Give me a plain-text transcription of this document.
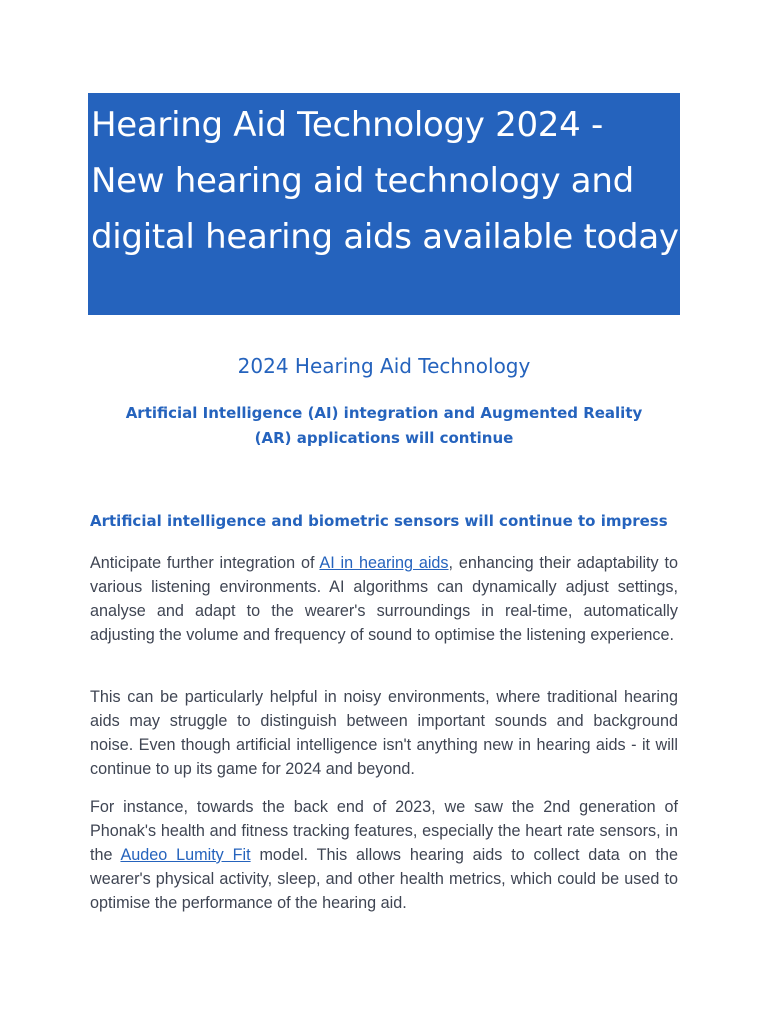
Hearing Aid Technology 2024 - New hearing aid technology and digital hearing aids available today
2024 Hearing Aid Technology

Artificial Intelligence (AI) integration and Augmented Reality (AR) applications will continue

Artificial intelligence and biometric sensors will continue to impress

Anticipate further integration of AI in hearing aids, enhancing their adaptability to various listening environments. AI algorithms can dynamically adjust settings, analyse and adapt to the wearer's surroundings in real-time, automatically adjusting the volume and frequency of sound to optimise the listening experience.

This can be particularly helpful in noisy environments, where traditional hearing aids may struggle to distinguish between important sounds and background noise. Even though artificial intelligence isn't anything new in hearing aids - it will continue to up its game for 2024 and beyond.

For instance, towards the back end of 2023, we saw the 2nd generation of Phonak's health and fitness tracking features, especially the heart rate sensors, in the Audeo Lumity Fit model. This allows hearing aids to collect data on the wearer's physical activity, sleep, and other health metrics, which could be used to optimise the performance of the hearing aid.
